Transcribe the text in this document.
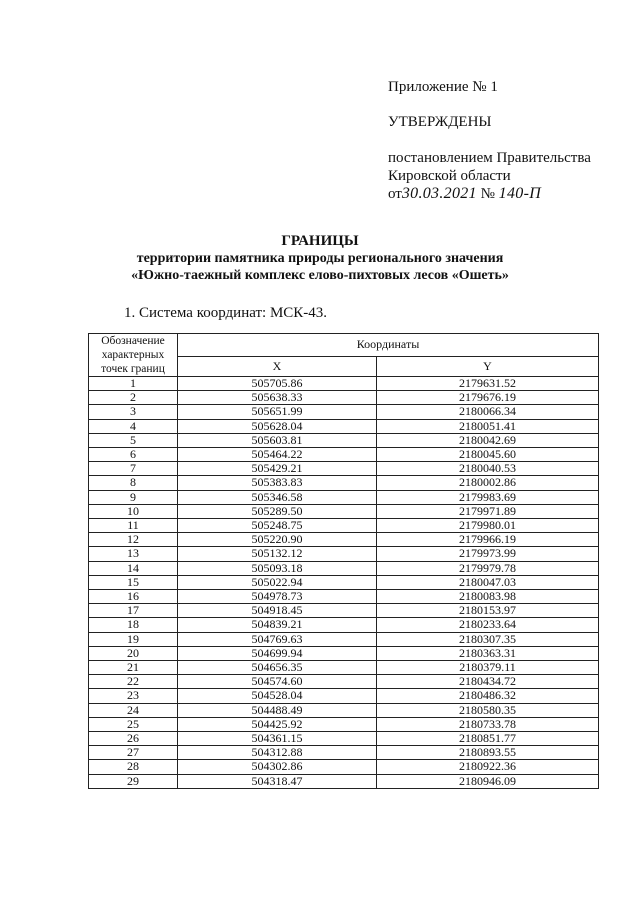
Приложение № 1
УТВЕРЖДЕНЫ
постановлением Правительства
Кировской области
от30.03.2021 № 140-П
ГРАНИЦЫ
территории памятника природы регионального значения
«Южно-таежный комплекс елово-пихтовых лесов «Ошеть»
1. Система координат: МСК-43.
Обозначение
характерных
точек границ	Координаты	
	X	Y
1	505705.86	2179631.52
2	505638.33	2179676.19
3	505651.99	2180066.34
4	505628.04	2180051.41
5	505603.81	2180042.69
6	505464.22	2180045.60
7	505429.21	2180040.53
8	505383.83	2180002.86
9	505346.58	2179983.69
10	505289.50	2179971.89
11	505248.75	2179980.01
12	505220.90	2179966.19
13	505132.12	2179973.99
14	505093.18	2179979.78
15	505022.94	2180047.03
16	504978.73	2180083.98
17	504918.45	2180153.97
18	504839.21	2180233.64
19	504769.63	2180307.35
20	504699.94	2180363.31
21	504656.35	2180379.11
22	504574.60	2180434.72
23	504528.04	2180486.32
24	504488.49	2180580.35
25	504425.92	2180733.78
26	504361.15	2180851.77
27	504312.88	2180893.55
28	504302.86	2180922.36
29	504318.47	2180946.09
